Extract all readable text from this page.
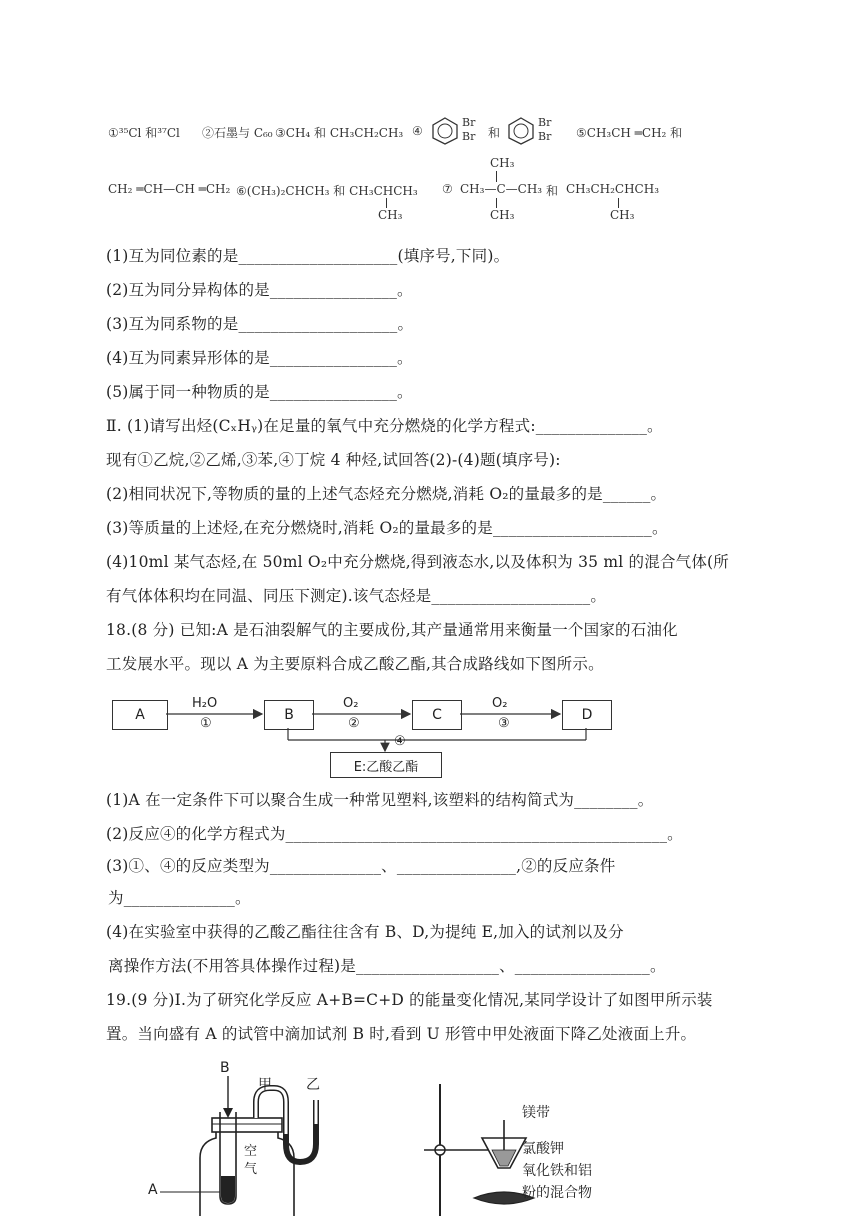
①³⁵Cl 和³⁷Cl ②石墨与 C₆₀ ③CH₄ 和 CH₃CH₂CH₃ ④
Br
Br 和
Br
Br ⑤CH₃CH ═CH₂ 和
CH₂ ═CH—CH ═CH₂ ⑥(CH₃)₂CHCH₃ 和 CH₃CHCH₃
CH₃
⑦
CH₃
CH₃—C—CH₃
CH₃
和 CH₃CH₂CHCH₃
CH₃
(1)互为同位素的是____________________(填序号,下同)。
(2)互为同分异构体的是________________。
(3)互为同系物的是____________________。
(4)互为同素异形体的是________________。
(5)属于同一种物质的是________________。
Ⅱ. (1)请写出烃(CₓHᵧ)在足量的氧气中充分燃烧的化学方程式:______________。
现有①乙烷,②乙烯,③苯,④丁烷 4 种烃,试回答(2)-(4)题(填序号):
(2)相同状况下,等物质的量的上述气态烃充分燃烧,消耗 O₂的量最多的是______。
(3)等质量的上述烃,在充分燃烧时,消耗 O₂的量最多的是____________________。
(4)10ml 某气态烃,在 50ml O₂中充分燃烧,得到液态水,以及体积为 35 ml 的混合气体(所
有气体体积均在同温、同压下测定).该气态烃是____________________。
18.(8 分) 已知:A 是石油裂解气的主要成份,其产量通常用来衡量一个国家的石油化
工发展水平。现以 A 为主要原料合成乙酸乙酯,其合成路线如下图所示。
A	B	C	D
E:乙酸乙酯
H₂O
①
O₂
②
O₂
③
④
(1)A 在一定条件下可以聚合生成一种常见塑料,该塑料的结构简式为________。
(2)反应④的化学方程式为________________________________________________。
(3)①、④的反应类型为______________、_______________,②的反应条件
为______________。
(4)在实验室中获得的乙酸乙酯往往含有 B、D,为提纯 E,加入的试剂以及分
离操作方法(不用答具体操作过程)是__________________、_________________。
19.(9 分)I.为了研究化学反应 A+B=C+D 的能量变化情况,某同学设计了如图甲所示装
置。当向盛有 A 的试管中滴加试剂 B 时,看到 U 形管中甲处液面下降乙处液面上升。
B
甲 乙
空
气
A
镁带
氯酸钾
氧化铁和铝
粉的混合物
